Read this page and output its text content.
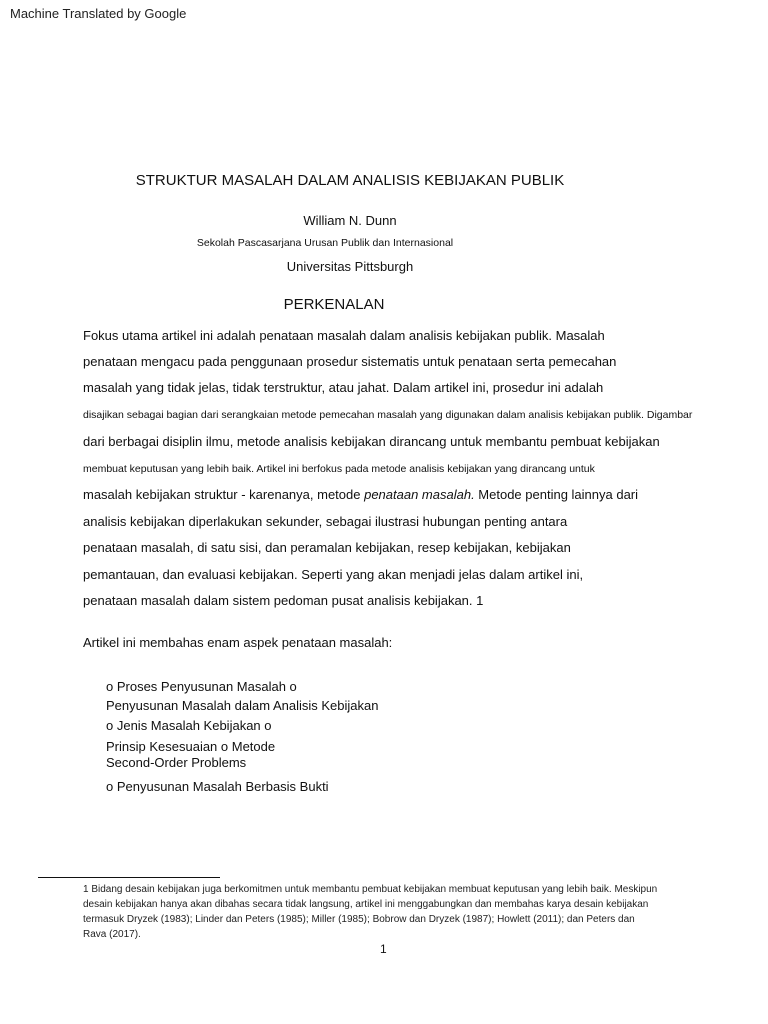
Machine Translated by Google
STRUKTUR MASALAH DALAM ANALISIS KEBIJAKAN PUBLIK
William N. Dunn
Sekolah Pascasarjana Urusan Publik dan Internasional
Universitas Pittsburgh
PERKENALAN
Fokus utama artikel ini adalah penataan masalah dalam analisis kebijakan publik. Masalah
penataan mengacu pada penggunaan prosedur sistematis untuk penataan serta pemecahan
masalah yang tidak jelas, tidak terstruktur, atau jahat. Dalam artikel ini, prosedur ini adalah
disajikan sebagai bagian dari serangkaian metode pemecahan masalah yang digunakan dalam analisis kebijakan publik. Digambar
dari berbagai disiplin ilmu, metode analisis kebijakan dirancang untuk membantu pembuat kebijakan
membuat keputusan yang lebih baik. Artikel ini berfokus pada metode analisis kebijakan yang dirancang untuk
masalah kebijakan struktur - karenanya, metode penataan masalah. Metode penting lainnya dari
analisis kebijakan diperlakukan sekunder, sebagai ilustrasi hubungan penting antara
penataan masalah, di satu sisi, dan peramalan kebijakan, resep kebijakan, kebijakan
pemantauan, dan evaluasi kebijakan. Seperti yang akan menjadi jelas dalam artikel ini,
penataan masalah dalam sistem pedoman pusat analisis kebijakan. 1
Artikel ini membahas enam aspek penataan masalah:
o Proses Penyusunan Masalah o
Penyusunan Masalah dalam Analisis Kebijakan
o Jenis Masalah Kebijakan o
Prinsip Kesesuaian o Metode
Second-Order Problems
o Penyusunan Masalah Berbasis Bukti
1 Bidang desain kebijakan juga berkomitmen untuk membantu pembuat kebijakan membuat keputusan yang lebih baik. Meskipun
desain kebijakan hanya akan dibahas secara tidak langsung, artikel ini menggabungkan dan membahas karya desain kebijakan
termasuk Dryzek (1983); Linder dan Peters (1985); Miller (1985); Bobrow dan Dryzek (1987); Howlett (2011); dan Peters dan
Rava (2017).
1
